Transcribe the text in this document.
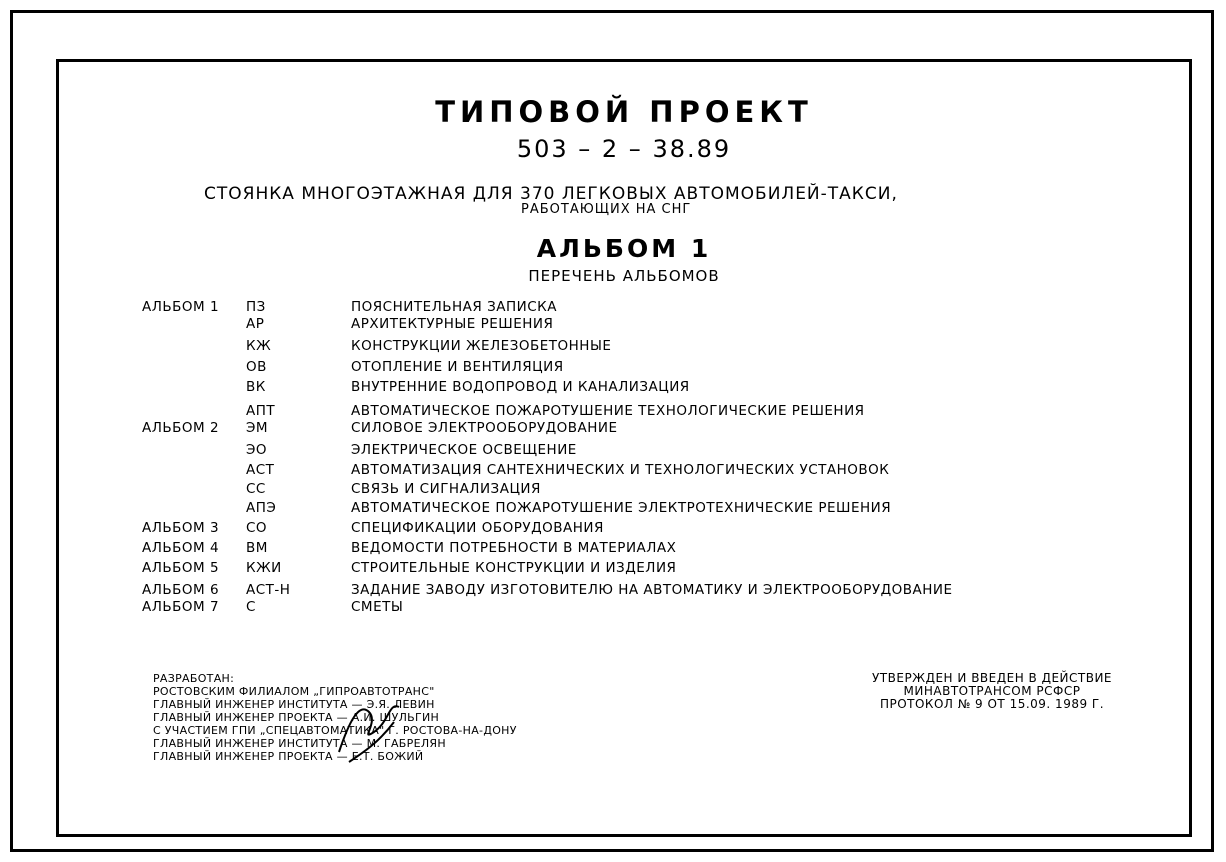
ТИПОВОЙ ПРОЕКТ
503 – 2 – 38.89
СТОЯНКА МНОГОЭТАЖНАЯ ДЛЯ 370 ЛЕГКОВЫХ АВТОМОБИЛЕЙ-ТАКСИ,
РАБОТАЮЩИХ НА СНГ
АЛЬБОМ 1
ПЕРЕЧЕНЬ АЛЬБОМОВ
АЛЬБОМ 1 ПЗ	ПОЯСНИТЕЛЬНАЯ ЗАПИСКА
АР	АРХИТЕКТУРНЫЕ РЕШЕНИЯ
КЖ	КОНСТРУКЦИИ ЖЕЛЕЗОБЕТОННЫЕ
ОВ	ОТОПЛЕНИЕ И ВЕНТИЛЯЦИЯ
ВК	ВНУТРЕННИЕ ВОДОПРОВОД И КАНАЛИЗАЦИЯ
АПТ	АВТОМАТИЧЕСКОЕ ПОЖАРОТУШЕНИЕ ТЕХНОЛОГИЧЕСКИЕ РЕШЕНИЯ
АЛЬБОМ 2 ЭМ	СИЛОВОЕ ЭЛЕКТРООБОРУДОВАНИЕ
ЭО	ЭЛЕКТРИЧЕСКОЕ ОСВЕЩЕНИЕ
АСТ	АВТОМАТИЗАЦИЯ САНТЕХНИЧЕСКИХ И ТЕХНОЛОГИЧЕСКИХ УСТАНОВОК
СС	СВЯЗЬ И СИГНАЛИЗАЦИЯ
АПЭ	АВТОМАТИЧЕСКОЕ ПОЖАРОТУШЕНИЕ ЭЛЕКТРОТЕХНИЧЕСКИЕ РЕШЕНИЯ
АЛЬБОМ 3 СО	СПЕЦИФИКАЦИИ ОБОРУДОВАНИЯ
АЛЬБОМ 4 ВМ	ВЕДОМОСТИ ПОТРЕБНОСТИ В МАТЕРИАЛАХ
АЛЬБОМ 5 КЖИ	СТРОИТЕЛЬНЫЕ КОНСТРУКЦИИ И ИЗДЕЛИЯ
АЛЬБОМ 6 АСТ-Н	ЗАДАНИЕ ЗАВОДУ ИЗГОТОВИТЕЛЮ НА АВТОМАТИКУ И ЭЛЕКТРООБОРУДОВАНИЕ
АЛЬБОМ 7 С	СМЕТЫ
РАЗРАБОТАН:
РОСТОВСКИМ ФИЛИАЛОМ „ГИПРОАВТОТРАНС"
ГЛАВНЫЙ ИНЖЕНЕР ИНСТИТУТА — Э.Я. ЛЕВИН
ГЛАВНЫЙ ИНЖЕНЕР ПРОЕКТА — А.И. ШУЛЬГИН
С УЧАСТИЕМ ГПИ „СПЕЦАВТОМАТИКА" Г. РОСТОВА-НА-ДОНУ
ГЛАВНЫЙ ИНЖЕНЕР ИНСТИТУТА — М. ГАБРЕЛЯН
ГЛАВНЫЙ ИНЖЕНЕР ПРОЕКТА — Е.Т. БОЖИЙ
УТВЕРЖДЕН И ВВЕДЕН В ДЕЙСТВИЕ
МИНАВТОТРАНСОМ РСФСР
ПРОТОКОЛ № 9 ОТ 15.09. 1989 Г.
